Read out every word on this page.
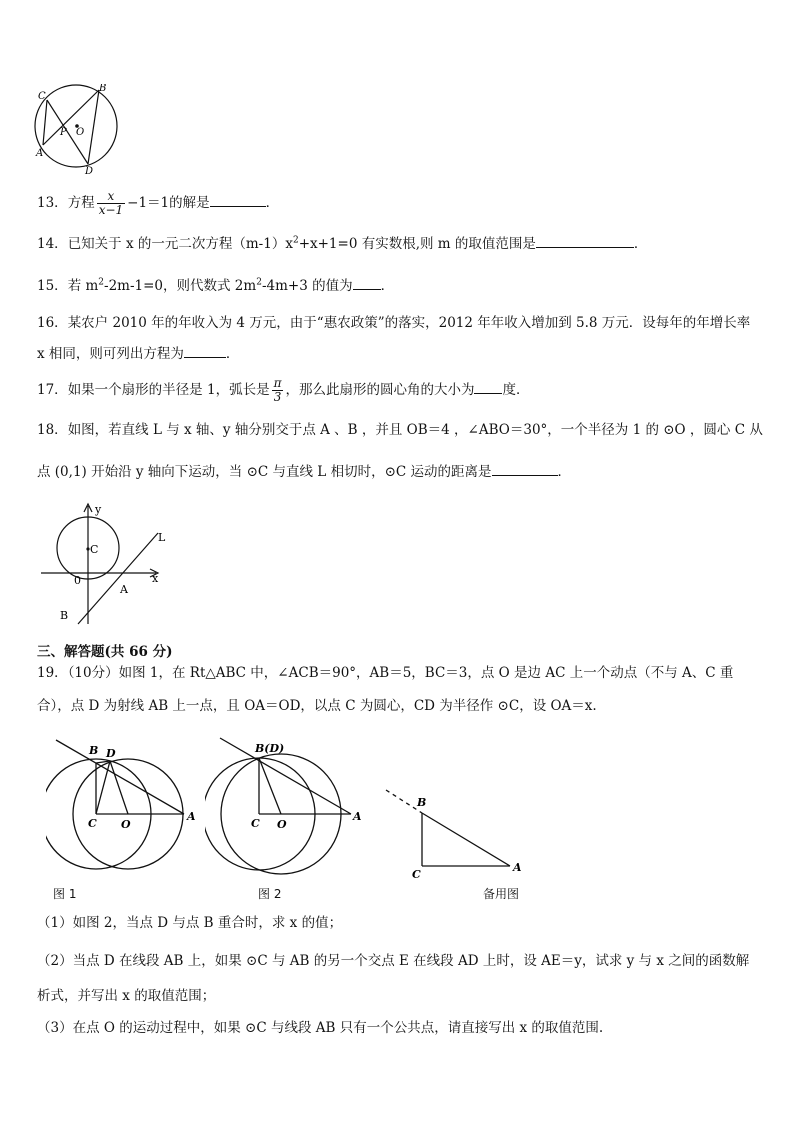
C
B
P O
A
D
13．方程 $\frac{x}{x-1} -1=1$的解是	．
14．已知关于 x 的一元二次方程$(m-1)x^2+x+1=0$ 有实数根,则 m 的取值范围是	．
15．若 $m^2-2m-1=0$，则代数式 $2m^2-4m+3$ 的值为 ．
16．某农户 2010 年的年收入为 4 万元，由于“惠农政策”的落实，2012 年年收入增加到 5.8 万元．设每年的年增长率
x 相同，则可列出方程为	．
17．如果一个扇形的半径是 1，弧长是 $\frac{\pi}{3}$ ，那么此扇形的圆心角的大小为 度．
18．如图，若直线 L 与 x 轴、y 轴分别交于点 A 、B ，并且 OB＝4 ，∠ABO＝30°，一个半径为 1 的 ⊙O ，圆心 C 从
点 (0,1) 开始沿 y 轴向下运动，当 ⊙C 与直线 L 相切时，⊙C 运动的距离是	．
y
C
L
0	x
A
B
三、解答题(共 66 分)
19．（10分）如图 1，在 Rt△ABC 中，∠ACB＝90°，AB＝5，BC＝3，点 O 是边 AC 上一个动点（不与 A、C 重
合），点 D 为射线 AB 上一点，且 OA＝OD，以点 C 为圆心，CD 为半径作 ⊙C，设 OA＝x.
B D
C O
A
图 1
B(D)
C O
A
图 2
B
C
A
备用图
（1）如图 2，当点 D 与点 B 重合时，求 x 的值；
（2）当点 D 在线段 AB 上，如果 ⊙C 与 AB 的另一个交点 E 在线段 AD 上时，设 AE＝y，试求 y 与 x 之间的函数解
析式，并写出 x 的取值范围；
（3）在点 O 的运动过程中，如果 ⊙C 与线段 AB 只有一个公共点，请直接写出 x 的取值范围.
